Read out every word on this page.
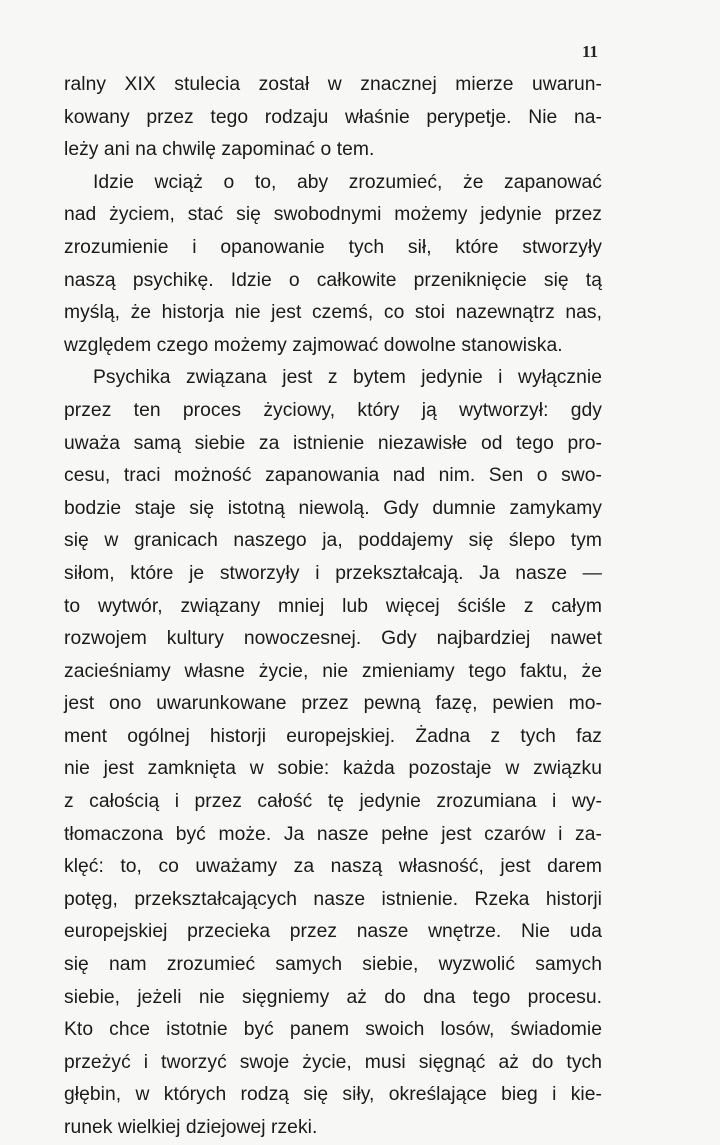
11
ralny XIX stulecia został w znacznej mierze uwarun-
kowany przez tego rodzaju właśnie perypetje. Nie na-
leży ani na chwilę zapominać o tem.
Idzie wciąż o to, aby zrozumieć, że zapanować
nad życiem, stać się swobodnymi możemy jedynie przez
zrozumienie i opanowanie tych sił, które stworzyły
naszą psychikę. Idzie o całkowite przeniknięcie się tą
myślą, że historja nie jest czemś, co stoi nazewnątrz nas,
względem czego możemy zajmować dowolne stanowiska.
Psychika związana jest z bytem jedynie i wyłącznie
przez ten proces życiowy, który ją wytworzył: gdy
uważa samą siebie za istnienie niezawisłe od tego pro-
cesu, traci możność zapanowania nad nim. Sen o swo-
bodzie staje się istotną niewolą. Gdy dumnie zamykamy
się w granicach naszego ja, poddajemy się ślepo tym
siłom, które je stworzyły i przekształcają. Ja nasze —
to wytwór, związany mniej lub więcej ściśle z całym
rozwojem kultury nowoczesnej. Gdy najbardziej nawet
zacieśniamy własne życie, nie zmieniamy tego faktu, że
jest ono uwarunkowane przez pewną fazę, pewien mo-
ment ogólnej historji europejskiej. Żadna z tych faz
nie jest zamknięta w sobie: każda pozostaje w związku
z całością i przez całość tę jedynie zrozumiana i wy-
tłomaczona być może. Ja nasze pełne jest czarów i za-
klęć: to, co uważamy za naszą własność, jest darem
potęg, przekształcających nasze istnienie. Rzeka historji
europejskiej przecieka przez nasze wnętrze. Nie uda
się nam zrozumieć samych siebie, wyzwolić samych
siebie, jeżeli nie sięgniemy aż do dna tego procesu.
Kto chce istotnie być panem swoich losów, świadomie
przeżyć i tworzyć swoje życie, musi sięgnąć aż do tych
głębin, w których rodzą się siły, określające bieg i kie-
runek wielkiej dziejowej rzeki.
